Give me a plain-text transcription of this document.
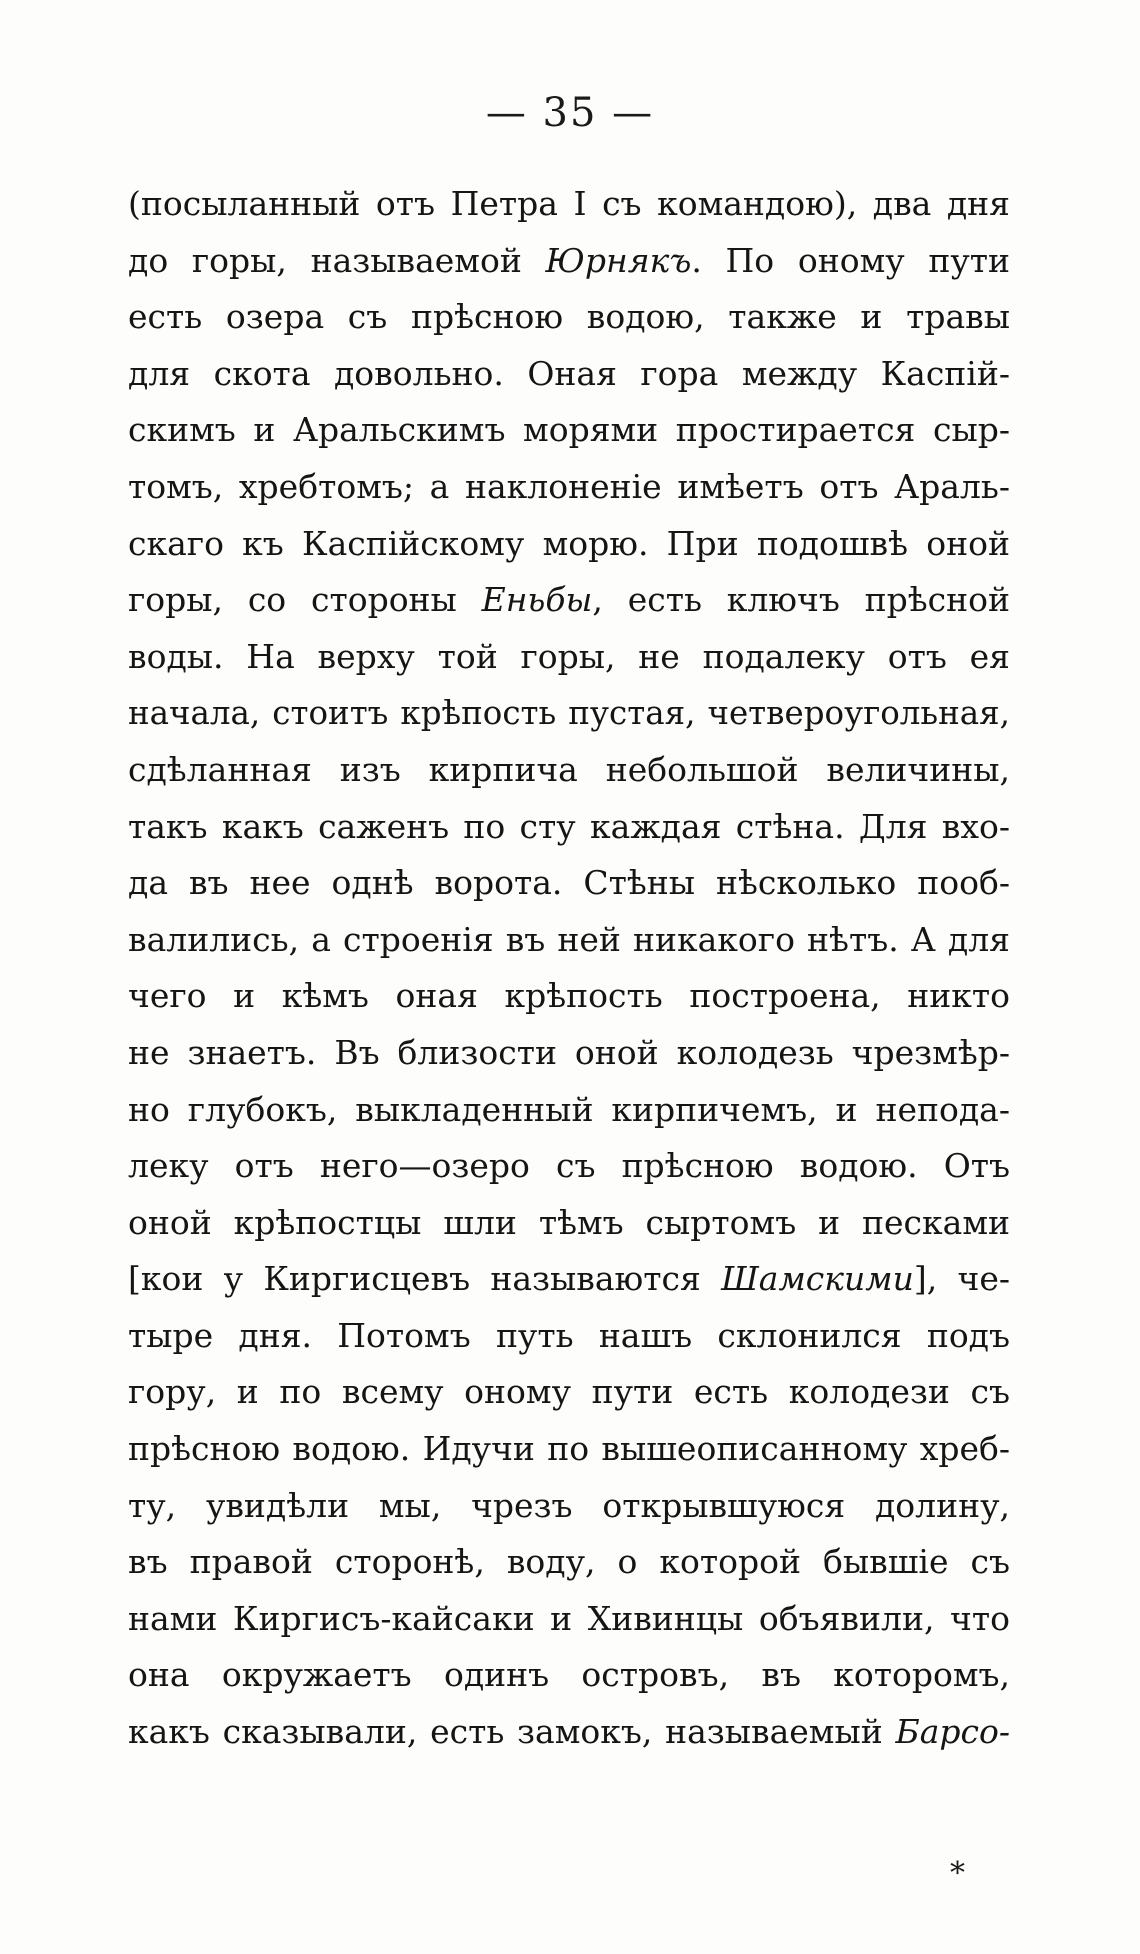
— 35 —
(посыланный отъ Петра I съ командою), два дня
до горы, называемой Юрнякъ. По оному пути
есть озера съ прѣсною водою, также и травы
для скота довольно. Оная гора между Каспiй-
скимъ и Аральскимъ морями простирается сыр-
томъ, хребтомъ; а наклоненiе имѣетъ отъ Араль-
скаго къ Каспiйскому морю. При подошвѣ оной
горы, со стороны Еньбы, есть ключъ прѣсной
воды. На верху той горы, не подалеку отъ ея
начала, стоитъ крѣпость пустая, четвероугольная,
сдѣланная изъ кирпича небольшой величины,
такъ какъ саженъ по сту каждая стѣна. Для вхо-
да въ нее однѣ ворота. Стѣны нѣсколько пооб-
валились, а строенiя въ ней никакого нѣтъ. А для
чего и кѣмъ оная крѣпость построена, никто
не знаетъ. Въ близости оной колодезь чрезмѣр-
но глубокъ, выкладенный кирпичемъ, и непода-
леку отъ него—озеро съ прѣсною водою. Отъ
оной крѣпостцы шли тѣмъ сыртомъ и песками
[кои у Киргисцевъ называются Шамскими], че-
тыре дня. Потомъ путь нашъ склонился подъ
гору, и по всему оному пути есть колодези съ
прѣсною водою. Идучи по вышеописанному хреб-
ту, увидѣли мы, чрезъ открывшуюся долину,
въ правой сторонѣ, воду, о которой бывшiе съ
нами Киргисъ-кайсаки и Хивинцы объявили, что
она окружаетъ одинъ островъ, въ которомъ,
какъ сказывали, есть замокъ, называемый Барсо-
*
